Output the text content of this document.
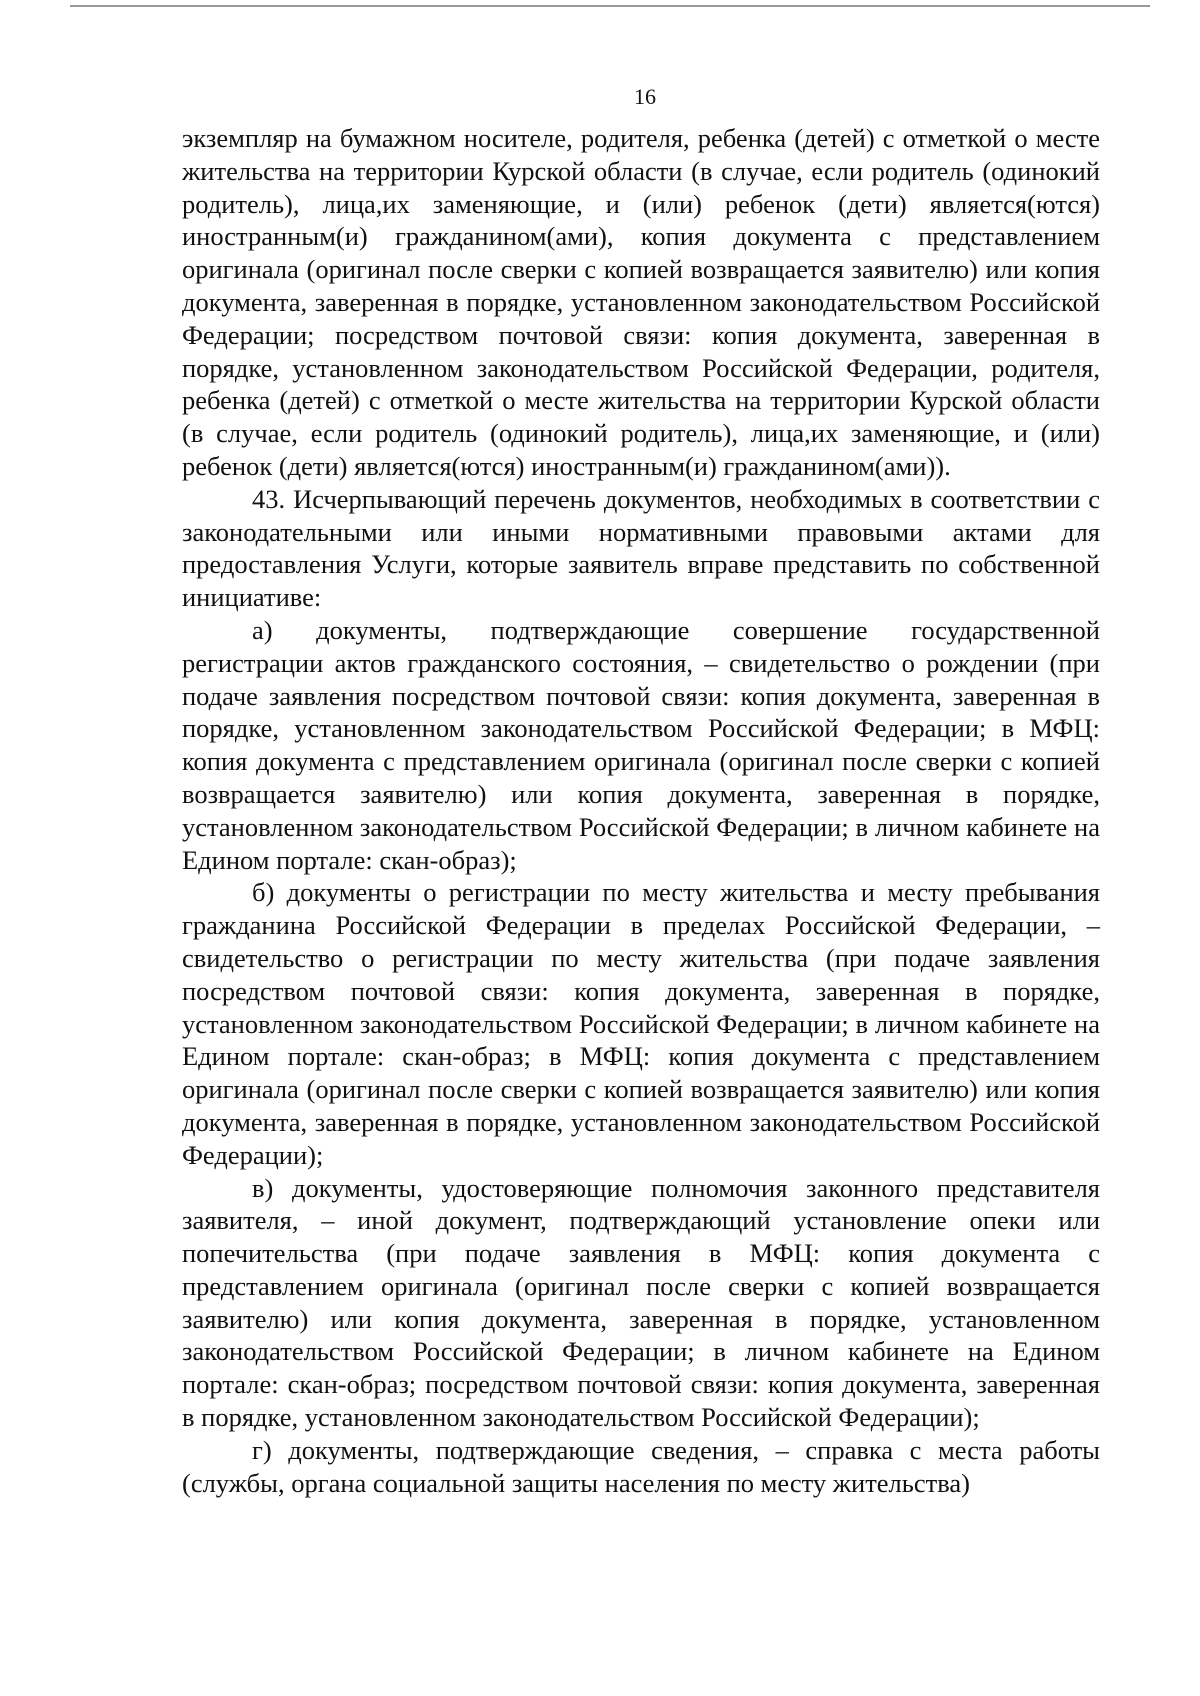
16

экземпляр на бумажном носителе, родителя, ребенка (детей) с отметкой о месте жительства на территории Курской области (в случае, если родитель (одинокий родитель), лица,их заменяющие, и (или) ребенок (дети) является(ются) иностранным(и) гражданином(ами), копия документа с представлением оригинала (оригинал после сверки с копией возвращается заявителю) или копия документа, заверенная в порядке, установленном законодательством Российской Федерации; посредством почтовой связи: копия документа, заверенная в порядке, установленном законодательством Российской Федерации, родителя, ребенка (детей) с отметкой о месте жительства на территории Курской области (в случае, если родитель (одинокий родитель), лица,их заменяющие, и (или) ребенок (дети) является(ются) иностранным(и) гражданином(ами)).

43. Исчерпывающий перечень документов, необходимых в соответствии с законодательными или иными нормативными правовыми актами для предоставления Услуги, которые заявитель вправе представить по собственной инициативе:

а) документы, подтверждающие совершение государственной регистрации актов гражданского состояния, – свидетельство о рождении (при подаче заявления посредством почтовой связи: копия документа, заверенная в порядке, установленном законодательством Российской Федерации; в МФЦ: копия документа с представлением оригинала (оригинал после сверки с копией возвращается заявителю) или копия документа, заверенная в порядке, установленном законодательством Российской Федерации; в личном кабинете на Едином портале: скан-образ);

б) документы о регистрации по месту жительства и месту пребывания гражданина Российской Федерации в пределах Российской Федерации, – свидетельство о регистрации по месту жительства (при подаче заявления посредством почтовой связи: копия документа, заверенная в порядке, установленном законодательством Российской Федерации; в личном кабинете на Едином портале: скан-образ; в МФЦ: копия документа с представлением оригинала (оригинал после сверки с копией возвращается заявителю) или копия документа, заверенная в порядке, установленном законодательством Российской Федерации);

в) документы, удостоверяющие полномочия законного представителя заявителя, – иной документ, подтверждающий установление опеки или попечительства (при подаче заявления в МФЦ: копия документа с представлением оригинала (оригинал после сверки с копией возвращается заявителю) или копия документа, заверенная в порядке, установленном законодательством Российской Федерации; в личном кабинете на Едином портале: скан-образ; посредством почтовой связи: копия документа, заверенная в порядке, установленном законодательством Российской Федерации);

г) документы, подтверждающие сведения, – справка с места работы (службы, органа социальной защиты населения по месту жительства)
